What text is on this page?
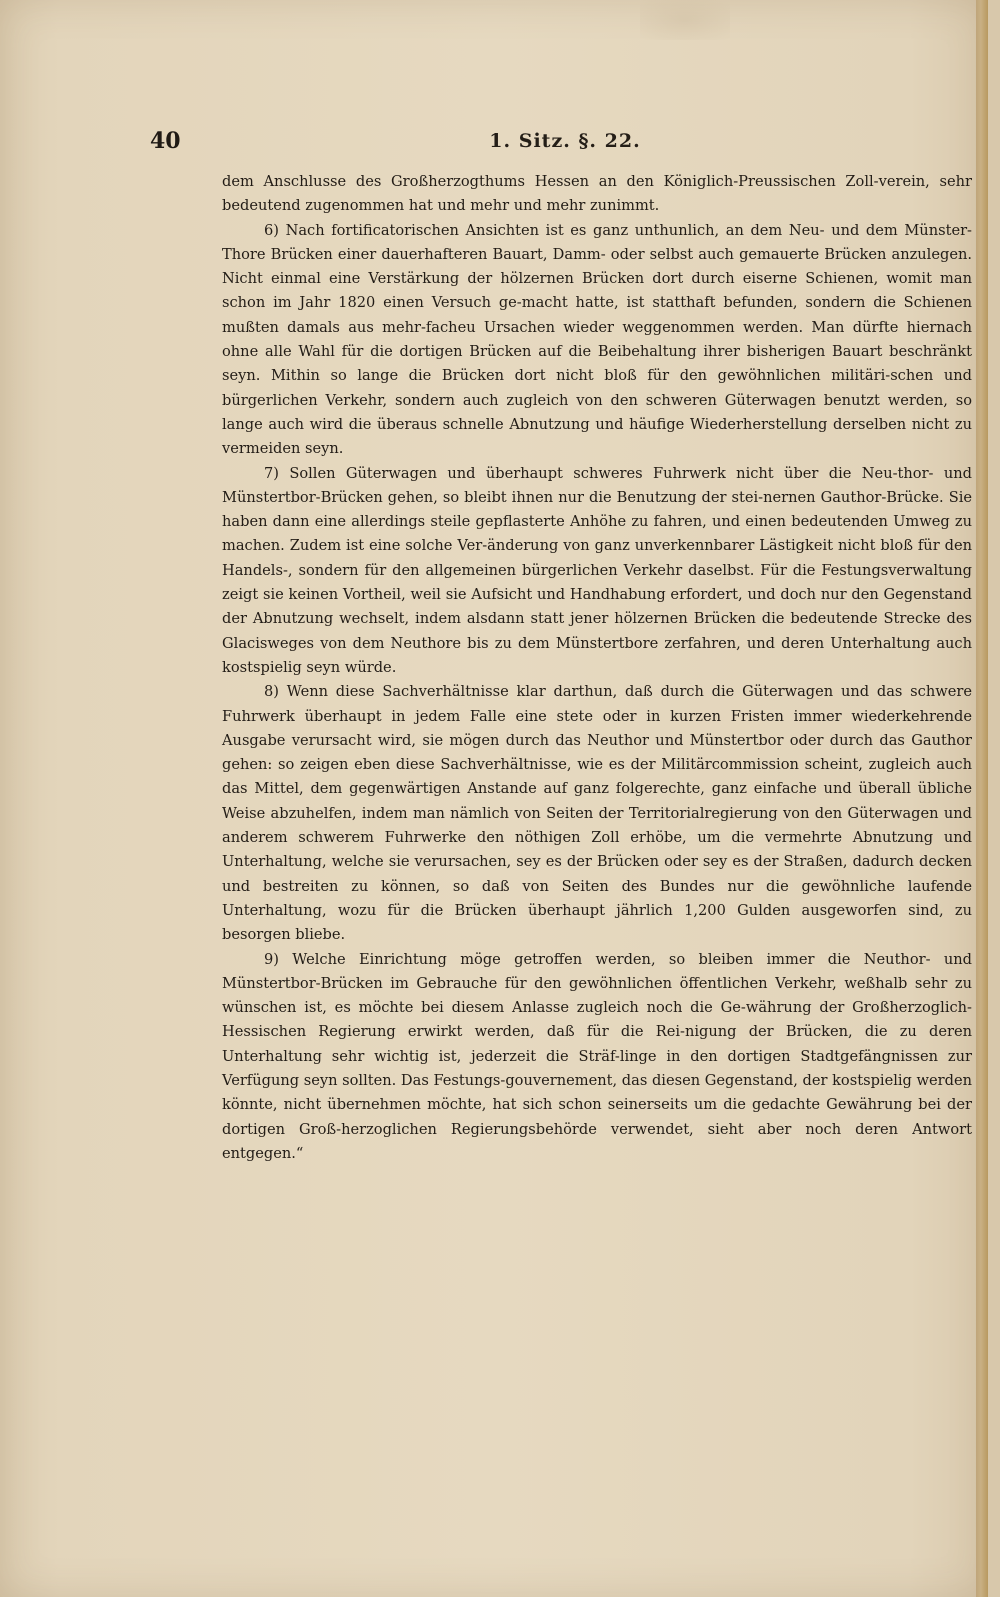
40	1. Sitz. §. 22.

dem Anschlusse des Großherzogthums Hessen an den Königlich-Preussischen Zoll-verein, sehr bedeutend zugenommen hat und mehr und mehr zunimmt.

6) Nach fortificatorischen Ansichten ist es ganz unthunlich, an dem Neu- und dem Münster-Thore Brücken einer dauerhafteren Bauart, Damm- oder selbst auch gemauerte Brücken anzulegen. Nicht einmal eine Verstärkung der hölzernen Brücken dort durch eiserne Schienen, womit man schon im Jahr 1820 einen Versuch ge-macht hatte, ist statthaft befunden, sondern die Schienen mußten damals aus mehr-facheu Ursachen wieder weggenommen werden. Man dürfte hiernach ohne alle Wahl für die dortigen Brücken auf die Beibehaltung ihrer bisherigen Bauart beschränkt seyn. Mithin so lange die Brücken dort nicht bloß für den gewöhnlichen militäri-schen und bürgerlichen Verkehr, sondern auch zugleich von den schweren Güterwagen benutzt werden, so lange auch wird die überaus schnelle Abnutzung und häufige Wiederherstellung derselben nicht zu vermeiden seyn.

7) Sollen Güterwagen und überhaupt schweres Fuhrwerk nicht über die Neu-thor- und Münstertbor-Brücken gehen, so bleibt ihnen nur die Benutzung der stei-nernen Gauthor-Brücke. Sie haben dann eine allerdings steile gepflasterte Anhöhe zu fahren, und einen bedeutenden Umweg zu machen. Zudem ist eine solche Ver-änderung von ganz unverkennbarer Lästigkeit nicht bloß für den Handels-, sondern für den allgemeinen bürgerlichen Verkehr daselbst. Für die Festungsverwaltung zeigt sie keinen Vortheil, weil sie Aufsicht und Handhabung erfordert, und doch nur den Gegenstand der Abnutzung wechselt, indem alsdann statt jener hölzernen Brücken die bedeutende Strecke des Glacisweges von dem Neuthore bis zu dem Münstertbore zerfahren, und deren Unterhaltung auch kostspielig seyn würde.

8) Wenn diese Sachverhältnisse klar darthun, daß durch die Güterwagen und das schwere Fuhrwerk überhaupt in jedem Falle eine stete oder in kurzen Fristen immer wiederkehrende Ausgabe verursacht wird, sie mögen durch das Neuthor und Münstertbor oder durch das Gauthor gehen: so zeigen eben diese Sachverhältnisse, wie es der Militärcommission scheint, zugleich auch das Mittel, dem gegenwärtigen Anstande auf ganz folgerechte, ganz einfache und überall übliche Weise abzuhelfen, indem man nämlich von Seiten der Territorialregierung von den Güterwagen und anderem schwerem Fuhrwerke den nöthigen Zoll erhöbe, um die vermehrte Abnutzung und Unterhaltung, welche sie verursachen, sey es der Brücken oder sey es der Straßen, dadurch decken und bestreiten zu können, so daß von Seiten des Bundes nur die gewöhnliche laufende Unterhaltung, wozu für die Brücken überhaupt jährlich 1,200 Gulden ausgeworfen sind, zu besorgen bliebe.

9) Welche Einrichtung möge getroffen werden, so bleiben immer die Neuthor- und Münstertbor-Brücken im Gebrauche für den gewöhnlichen öffentlichen Verkehr, weßhalb sehr zu wünschen ist, es möchte bei diesem Anlasse zugleich noch die Ge-währung der Großherzoglich-Hessischen Regierung erwirkt werden, daß für die Rei-nigung der Brücken, die zu deren Unterhaltung sehr wichtig ist, jederzeit die Sträf-linge in den dortigen Stadtgefängnissen zur Verfügung seyn sollten. Das Festungs-gouvernement, das diesen Gegenstand, der kostspielig werden könnte, nicht übernehmen möchte, hat sich schon seinerseits um die gedachte Gewährung bei der dortigen Groß-herzoglichen Regierungsbehörde verwendet, sieht aber noch deren Antwort entgegen.“
